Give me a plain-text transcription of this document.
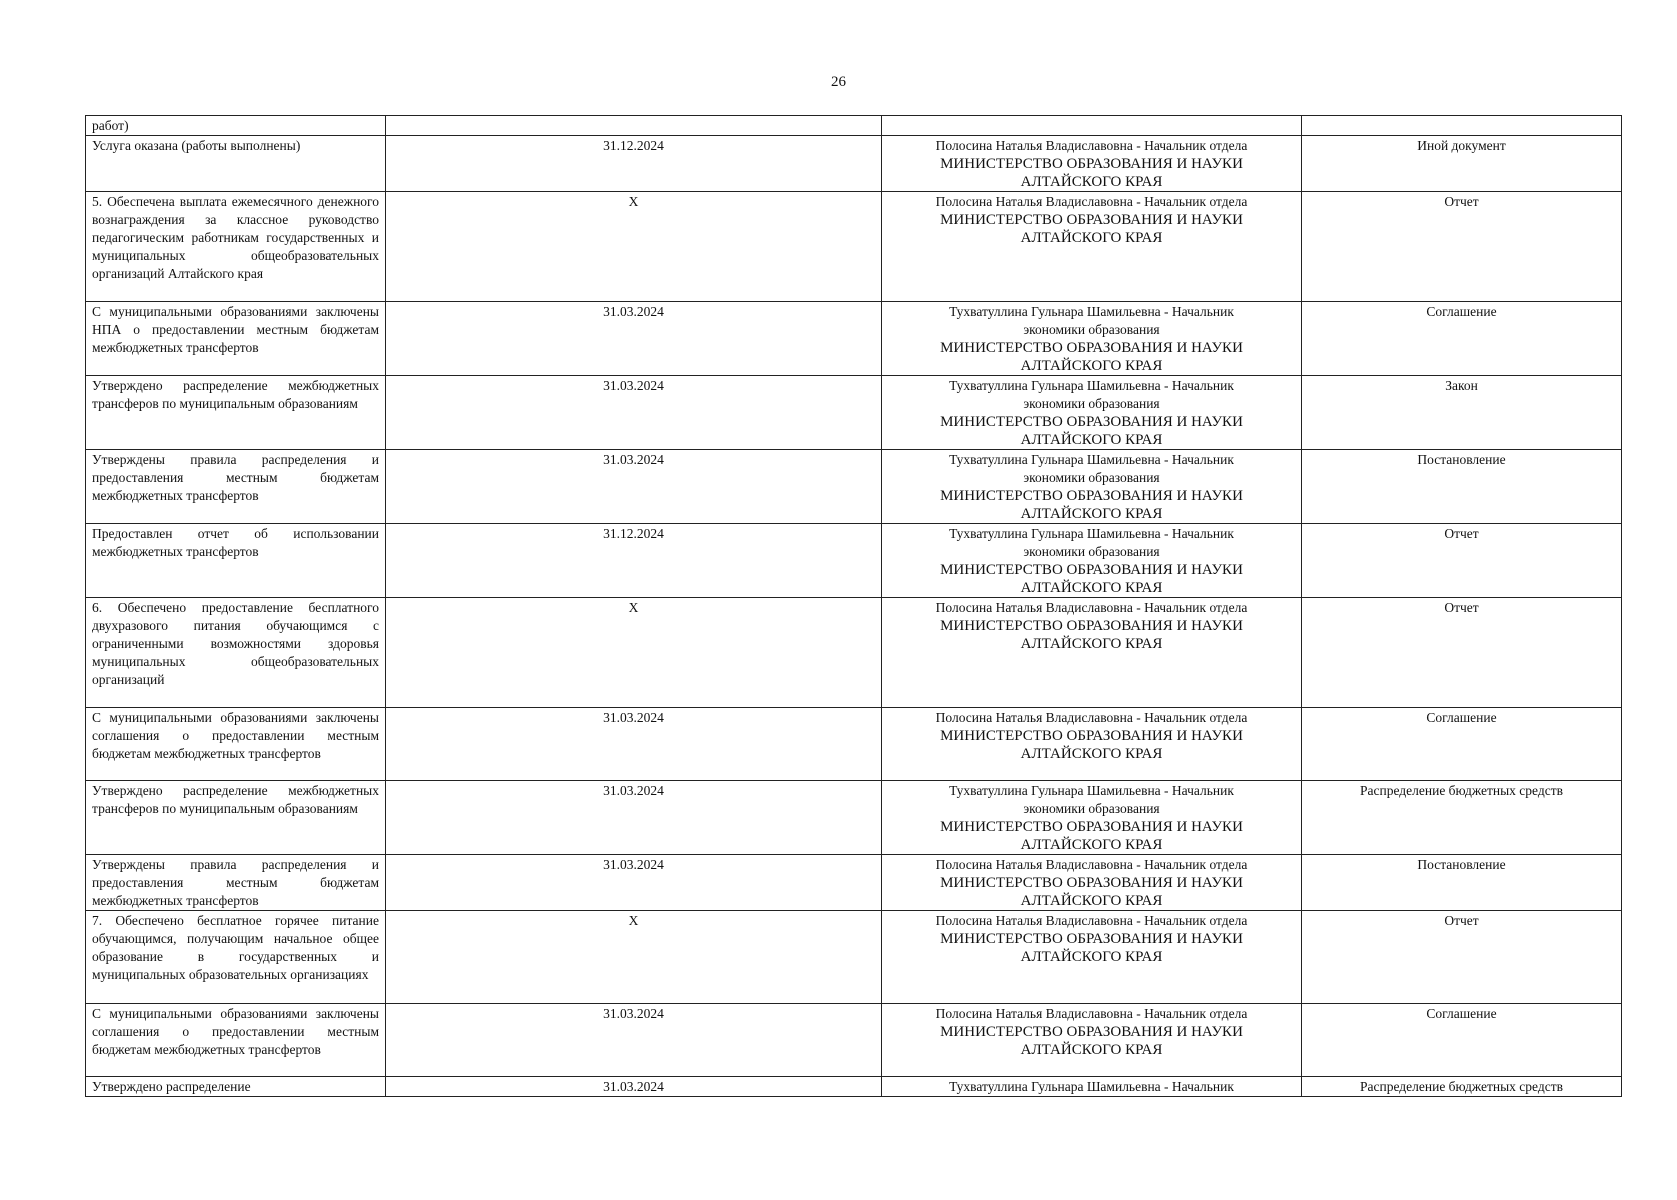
26
работ)		

Услуга оказана (работы выполнены)	31.12.2024	Полосина Наталья Владиславовна - Начальник отдела
МИНИСТЕРСТВО ОБРАЗОВАНИЯ И НАУКИ АЛТАЙСКОГО КРАЯ	Иной документ
5. Обеспечена выплата ежемесячного денежного вознаграждения за классное руководство педагогическим работникам государственных и муниципальных общеобразовательных организаций Алтайского края	X	Полосина Наталья Владиславовна - Начальник отдела
МИНИСТЕРСТВО ОБРАЗОВАНИЯ И НАУКИ АЛТАЙСКОГО КРАЯ	Отчет
С муниципальными образованиями заключены НПА о предоставлении местным бюджетам межбюджетных трансфертов	31.03.2024	Тухватуллина Гульнара Шамильевна - Начальник
экономики образования
МИНИСТЕРСТВО ОБРАЗОВАНИЯ И НАУКИ АЛТАЙСКОГО КРАЯ	Соглашение
Утверждено распределение межбюджетных трансферов по муниципальным образованиям	31.03.2024	Тухватуллина Гульнара Шамильевна - Начальник
экономики образования
МИНИСТЕРСТВО ОБРАЗОВАНИЯ И НАУКИ АЛТАЙСКОГО КРАЯ	Закон
Утверждены правила распределения и предоставления местным бюджетам межбюджетных трансфертов	31.03.2024	Тухватуллина Гульнара Шамильевна - Начальник
экономики образования
МИНИСТЕРСТВО ОБРАЗОВАНИЯ И НАУКИ АЛТАЙСКОГО КРАЯ	Постановление
Предоставлен отчет об использовании межбюджетных трансфертов	31.12.2024	Тухватуллина Гульнара Шамильевна - Начальник
экономики образования
МИНИСТЕРСТВО ОБРАЗОВАНИЯ И НАУКИ АЛТАЙСКОГО КРАЯ	Отчет
6. Обеспечено предоставление бесплатного двухразового питания обучающимся с ограниченными возможностями здоровья муниципальных общеобразовательных организаций	X	Полосина Наталья Владиславовна - Начальник отдела
МИНИСТЕРСТВО ОБРАЗОВАНИЯ И НАУКИ АЛТАЙСКОГО КРАЯ	Отчет
С муниципальными образованиями заключены соглашения о предоставлении местным бюджетам межбюджетных трансфертов	31.03.2024	Полосина Наталья Владиславовна - Начальник отдела
МИНИСТЕРСТВО ОБРАЗОВАНИЯ И НАУКИ АЛТАЙСКОГО КРАЯ	Соглашение
Утверждено распределение межбюджетных трансферов по муниципальным образованиям	31.03.2024	Тухватуллина Гульнара Шамильевна - Начальник
экономики образования
МИНИСТЕРСТВО ОБРАЗОВАНИЯ И НАУКИ АЛТАЙСКОГО КРАЯ	Распределение бюджетных средств
Утверждены правила распределения и предоставления местным бюджетам межбюджетных трансфертов	31.03.2024	Полосина Наталья Владиславовна - Начальник отдела
МИНИСТЕРСТВО ОБРАЗОВАНИЯ И НАУКИ АЛТАЙСКОГО КРАЯ	Постановление
7. Обеспечено бесплатное горячее питание обучающимся, получающим начальное общее образование в государственных и муниципальных образовательных организациях	X	Полосина Наталья Владиславовна - Начальник отдела
МИНИСТЕРСТВО ОБРАЗОВАНИЯ И НАУКИ АЛТАЙСКОГО КРАЯ	Отчет
С муниципальными образованиями заключены соглашения о предоставлении местным бюджетам межбюджетных трансфертов	31.03.2024	Полосина Наталья Владиславовна - Начальник отдела
МИНИСТЕРСТВО ОБРАЗОВАНИЯ И НАУКИ АЛТАЙСКОГО КРАЯ	Соглашение
Утверждено распределение	31.03.2024	Тухватуллина Гульнара Шамильевна - Начальник	Распределение бюджетных средств
